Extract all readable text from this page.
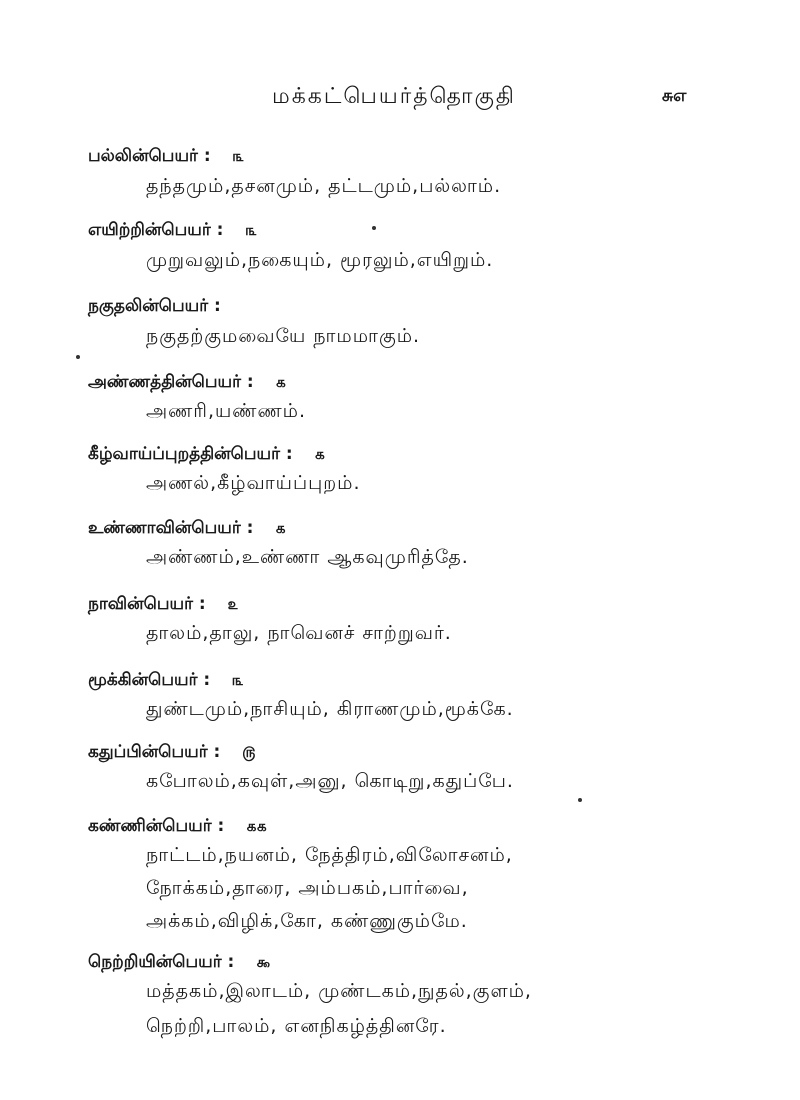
மக்கட்பெயர்த்தொகுதி	சுஎ
பல்லின்பெயர் : ௩
தந்தமும்,தசனமும், தட்டமும்,பல்லாம்.
எயிற்றின்பெயர் : ௩
முறுவலும்,நகையும், மூரலும்,எயிறும்.
நகுதலின்பெயர் :
நகுதற்குமவையே நாமமாகும்.
அண்ணத்தின்பெயர் : ௧
அணரி,யண்ணம்.
கீழ்வாய்ப்புறத்தின்பெயர் : ௧
அணல்,கீழ்வாய்ப்புறம்.
உண்ணாவின்பெயர் : ௧
அண்ணம்,உண்ணா ஆகவுமுரித்தே.
நாவின்பெயர் : ௨
தாலம்,தாலு, நாவெனச் சாற்றுவர்.
மூக்கின்பெயர் : ௩
துண்டமும்,நாசியும், கிராணமும்,மூக்கே.
கதுப்பின்பெயர் : ௫
கபோலம்,கவுள்,அனு, கொடிறு,கதுப்பே.
கண்ணின்பெயர் : ௧௧
நாட்டம்,நயனம், நேத்திரம்,விலோசனம்,
நோக்கம்,தாரை, அம்பகம்,பார்வை,
அக்கம்,விழிக்,கோ, கண்ணுகும்மே.
நெற்றியின்பெயர் : ௯
மத்தகம்,இலாடம், முண்டகம்,நுதல்,குளம்,
நெற்றி,பாலம், எனநிகழ்த்தினரே.
